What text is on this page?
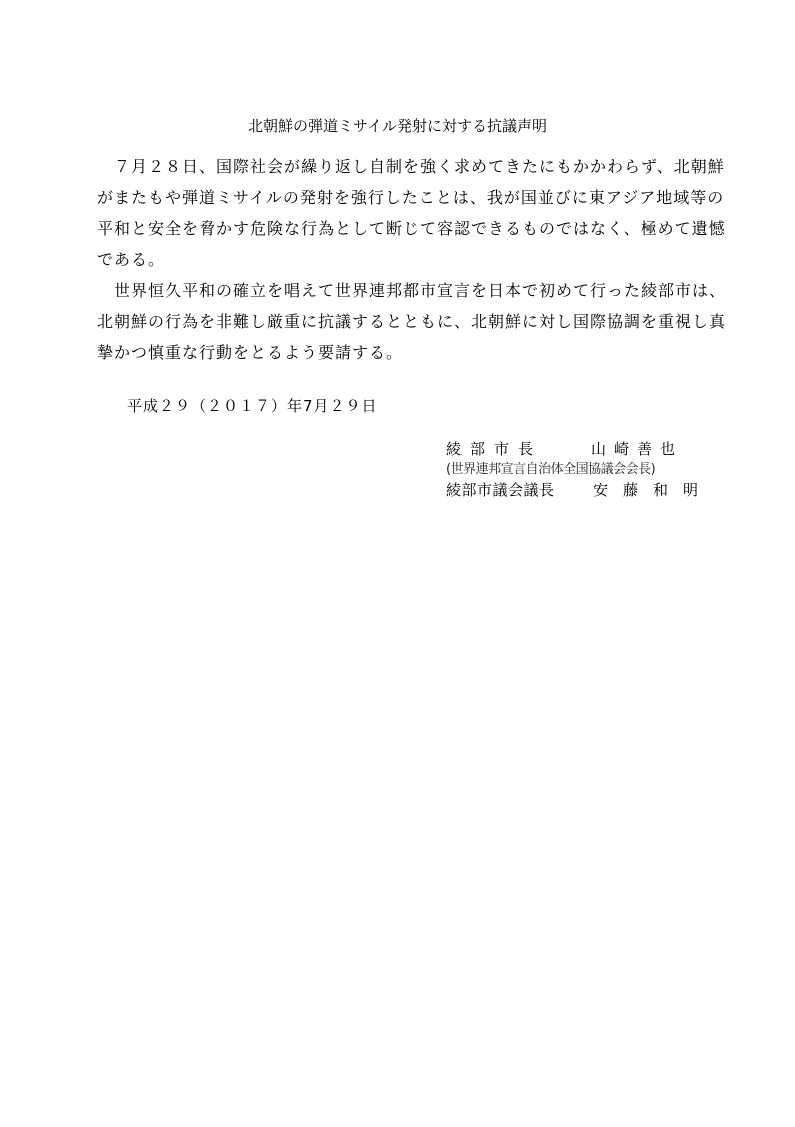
北朝鮮の弾道ミサイル発射に対する抗議声明
　７月２８日、国際社会が繰り返し自制を強く求めてきたにもかかわらず、北朝鮮
がまたもや弾道ミサイルの発射を強行したことは、我が国並びに東アジア地域等の
平和と安全を脅かす危険な行為として断じて容認できるものではなく、極めて遺憾
である。
　世界恒久平和の確立を唱えて世界連邦都市宣言を日本で初めて行った綾部市は、
北朝鮮の行為を非難し厳重に抗議するとともに、北朝鮮に対し国際協調を重視し真
摯かつ慎重な行動をとるよう要請する。
平成２９（２０１７）年7月２９日
綾部市長	山崎善也
(世界連邦宣言自治体全国協議会会長)
綾部市議会議長	安藤和明
